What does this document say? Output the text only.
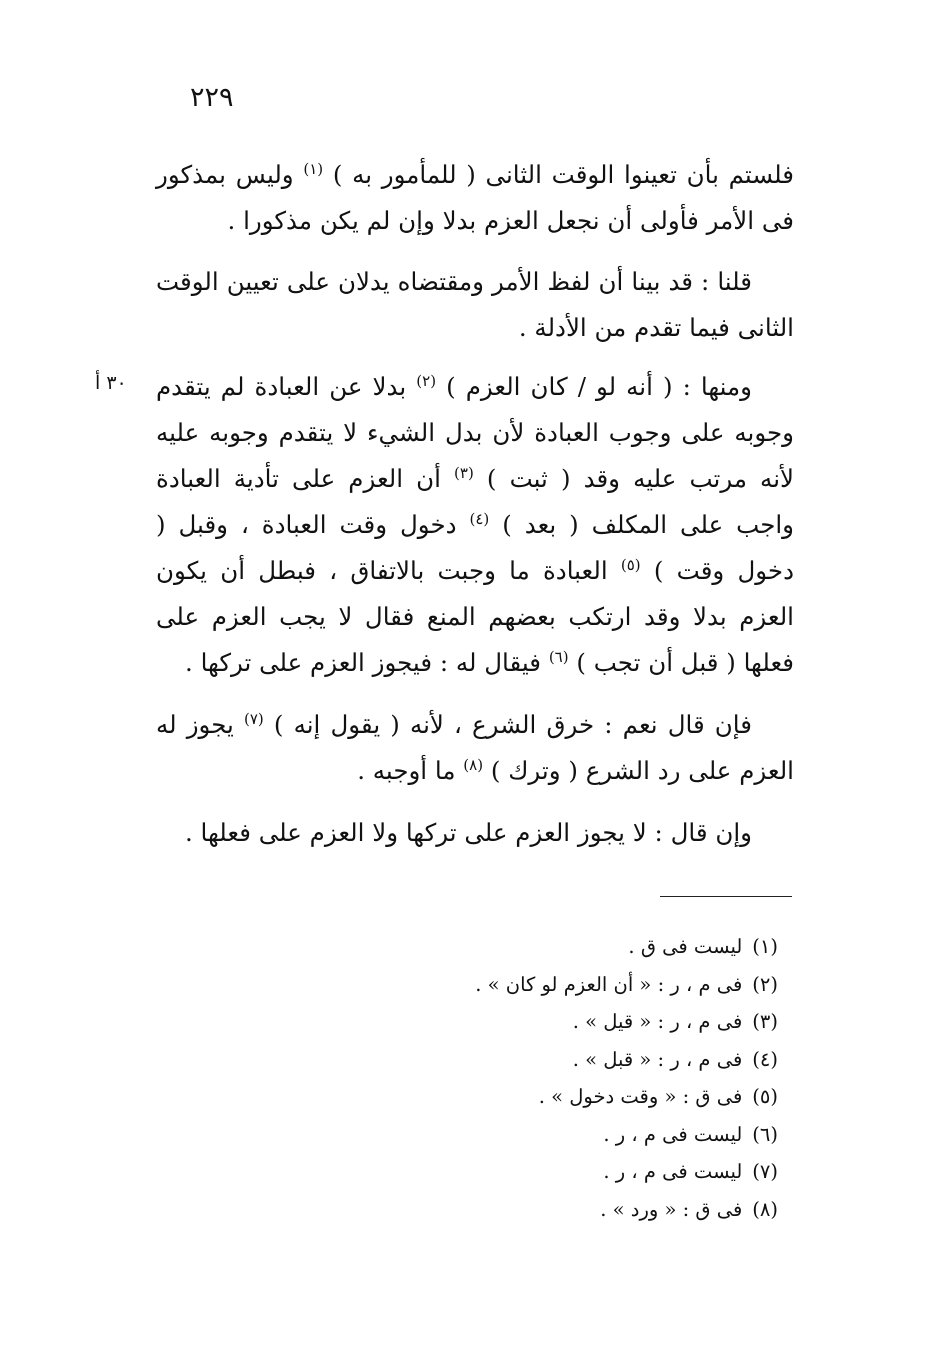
٢٢٩

فلستم بأن تعينوا الوقت الثانى ( للمأمور به ) $^{(١)}$ وليس بمذكور فى الأمر فأولى أن نجعل العزم بدلا وإن لم يكن مذكورا .

قلنا : قد بينا أن لفظ الأمر ومقتضاه يدلان على تعيين الوقت الثانى فيما تقدم من الأدلة .

٣٠ أ	ومنها : ( أنه لو / كان العزم ) $^{(٢)}$ بدلا عن العبادة لم يتقدم وجوبه على وجوب العبادة لأن بدل الشيء لا يتقدم وجوبه عليه لأنه مرتب عليه وقد ( ثبت ) $^{(٣)}$ أن العزم على تأدية العبادة واجب على المكلف ( بعد ) $^{(٤)}$ دخول وقت العبادة ، وقبل ( دخول وقت ) $^{(٥)}$ العبادة ما وجبت بالاتفاق ، فبطل أن يكون العزم بدلا وقد ارتكب بعضهم المنع فقال لا يجب العزم على فعلها ( قبل أن تجب ) $^{(٦)}$ فيقال له : فيجوز العزم على تركها .

فإن قال نعم : خرق الشرع ، لأنه ( يقول إنه ) $^{(٧)}$ يجوز له العزم على رد الشرع ( وترك ) $^{(٨)}$ ما أوجبه .

وإن قال : لا يجوز العزم على تركها ولا العزم على فعلها .

(١)ليست فى ق .
(٢)فى م ، ر : « أن العزم لو كان » .
(٣)فى م ، ر : « قيل » .
(٤)فى م ، ر : « قبل » .
(٥)فى ق : « وقت دخول » .
(٦)ليست فى م ، ر .
(٧)ليست فى م ، ر .
(٨)فى ق : « ورد » .
